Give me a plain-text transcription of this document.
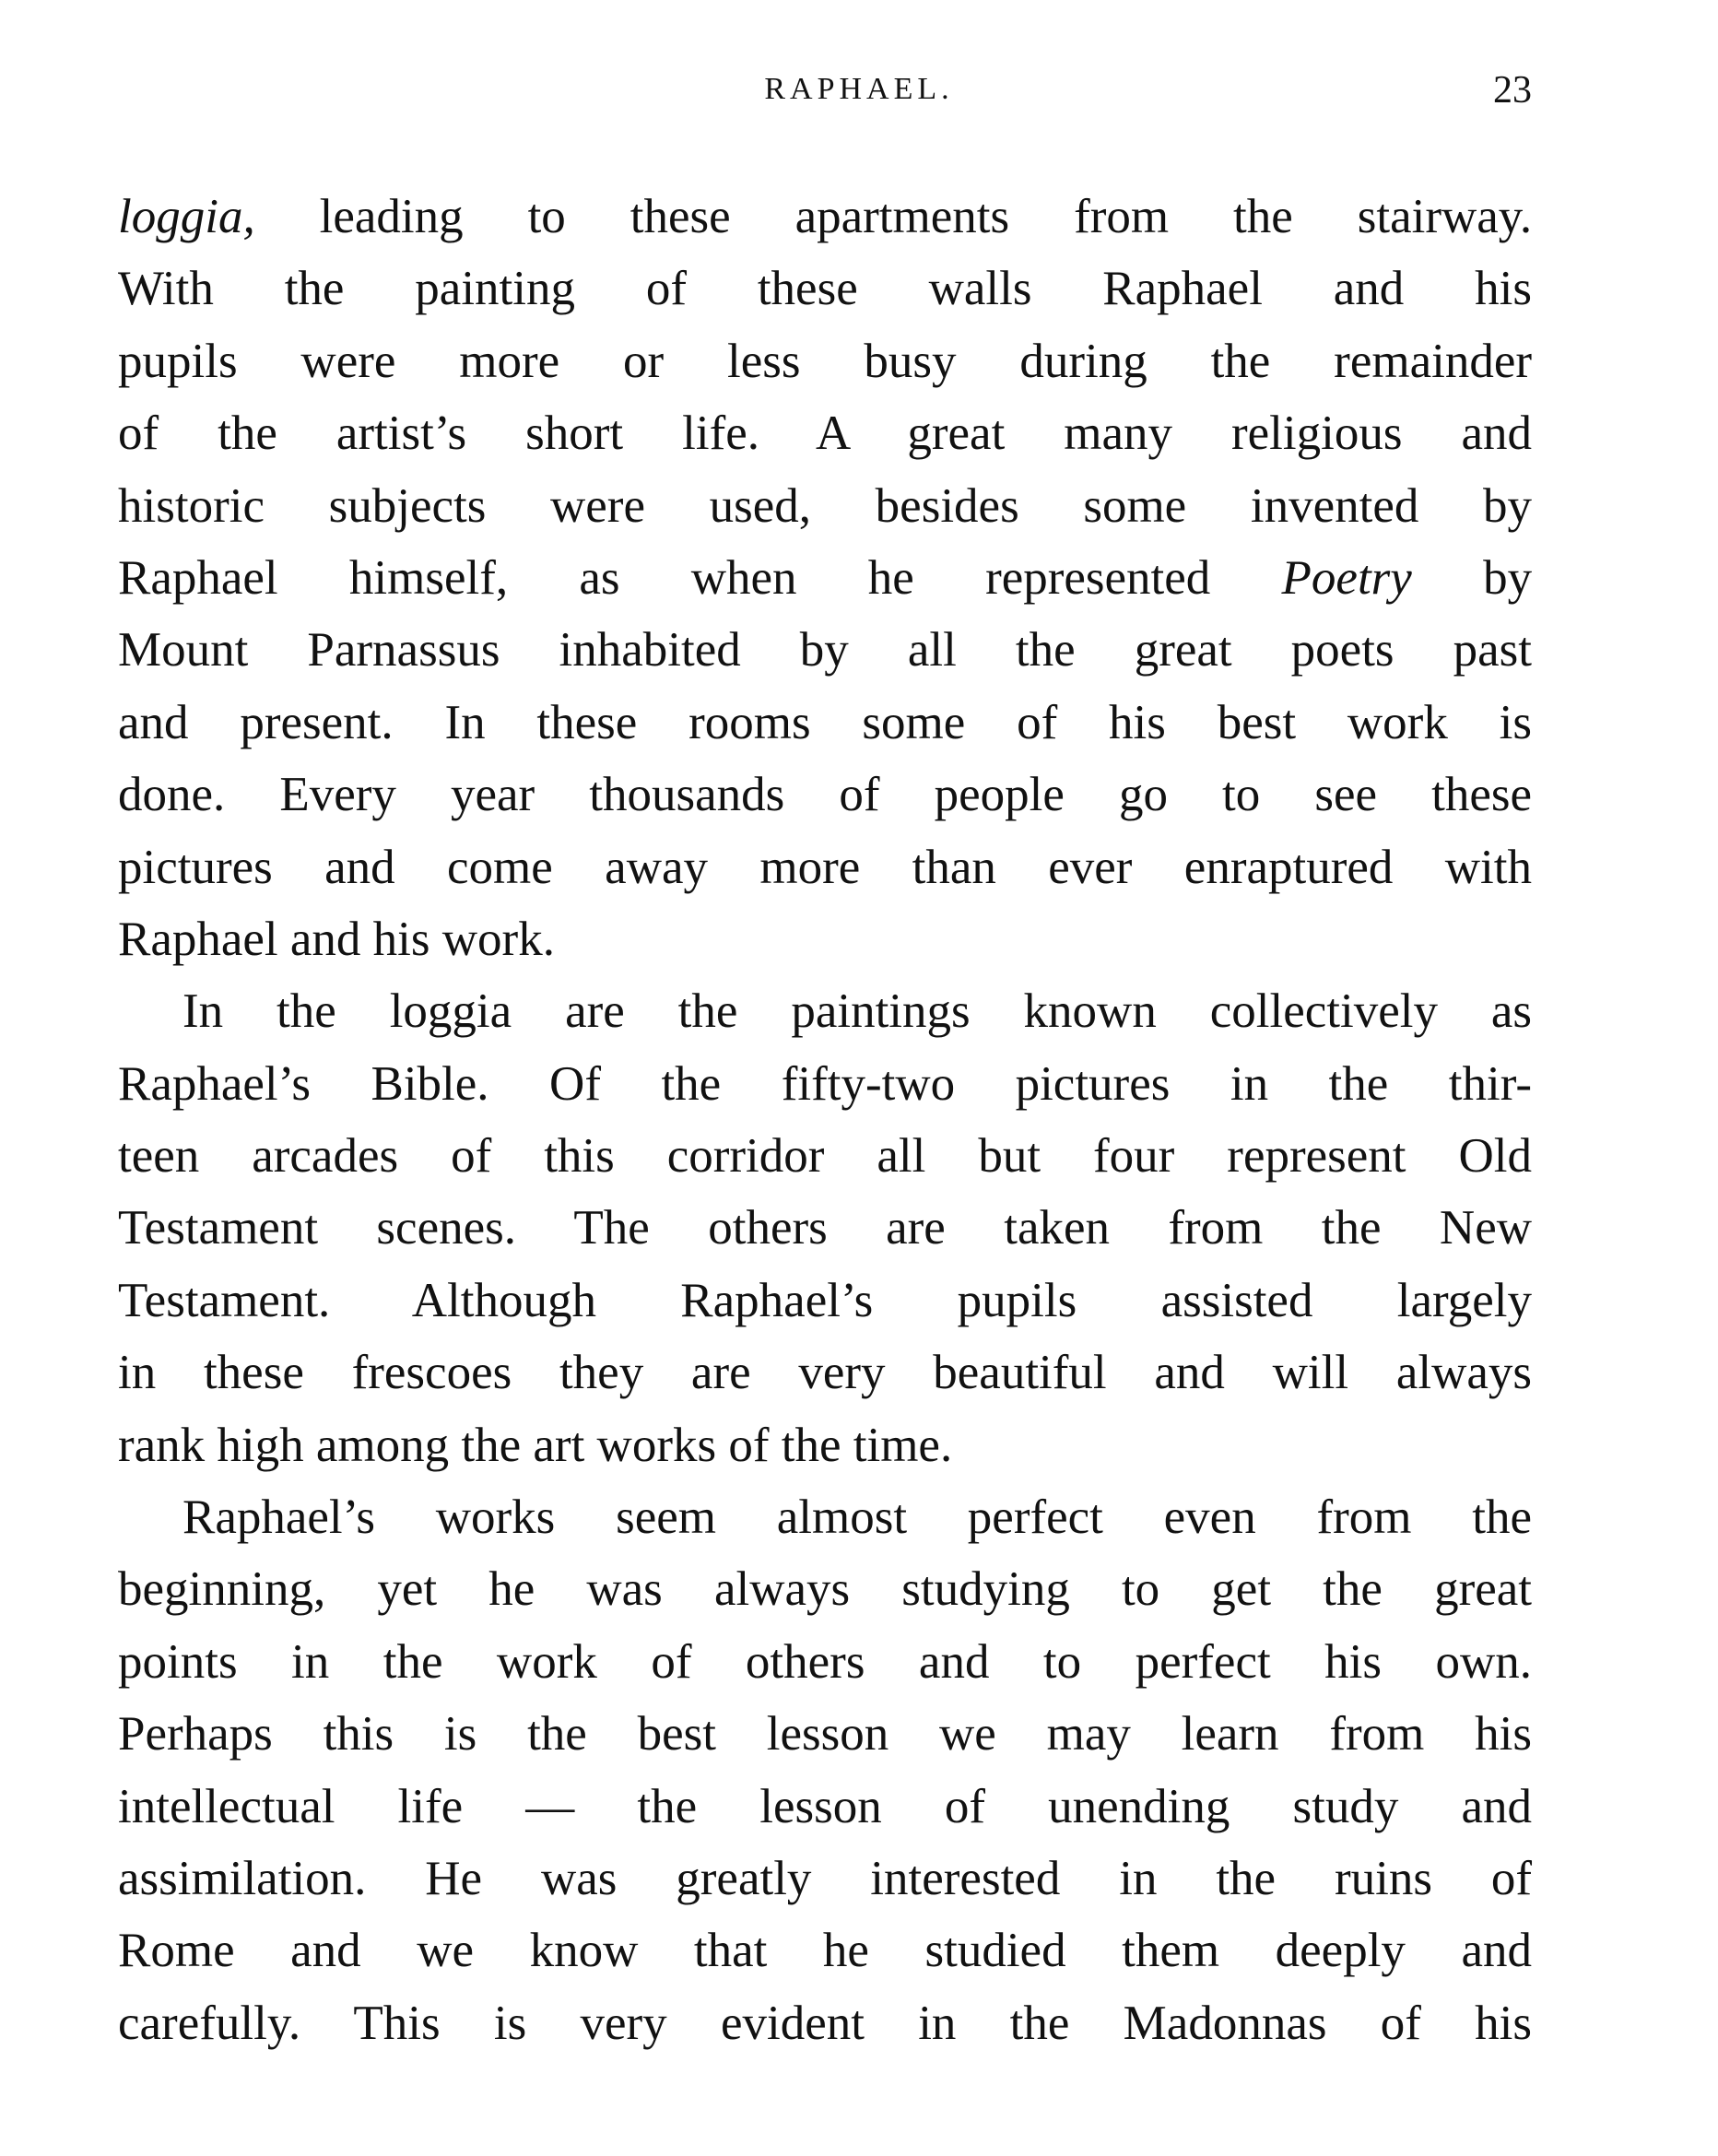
RAPHAEL.	23
loggia, leading to these apartments from the stairway.
With the painting of these walls Raphael and his
pupils were more or less busy during the remainder
of the artist’s short life. A great many religious and
historic subjects were used, besides some invented by
Raphael himself, as when he represented Poetry by
Mount Parnassus inhabited by all the great poets past
and present. In these rooms some of his best work is
done. Every year thousands of people go to see these
pictures and come away more than ever enraptured with
Raphael and his work.
In the loggia are the paintings known collectively as
Raphael’s Bible. Of the fifty-two pictures in the thir-
teen arcades of this corridor all but four represent Old
Testament scenes. The others are taken from the New
Testament. Although Raphael’s pupils assisted largely
in these frescoes they are very beautiful and will always
rank high among the art works of the time.
Raphael’s works seem almost perfect even from the
beginning, yet he was always studying to get the great
points in the work of others and to perfect his own.
Perhaps this is the best lesson we may learn from his
intellectual life — the lesson of unending study and
assimilation. He was greatly interested in the ruins of
Rome and we know that he studied them deeply and
carefully. This is very evident in the Madonnas of his
